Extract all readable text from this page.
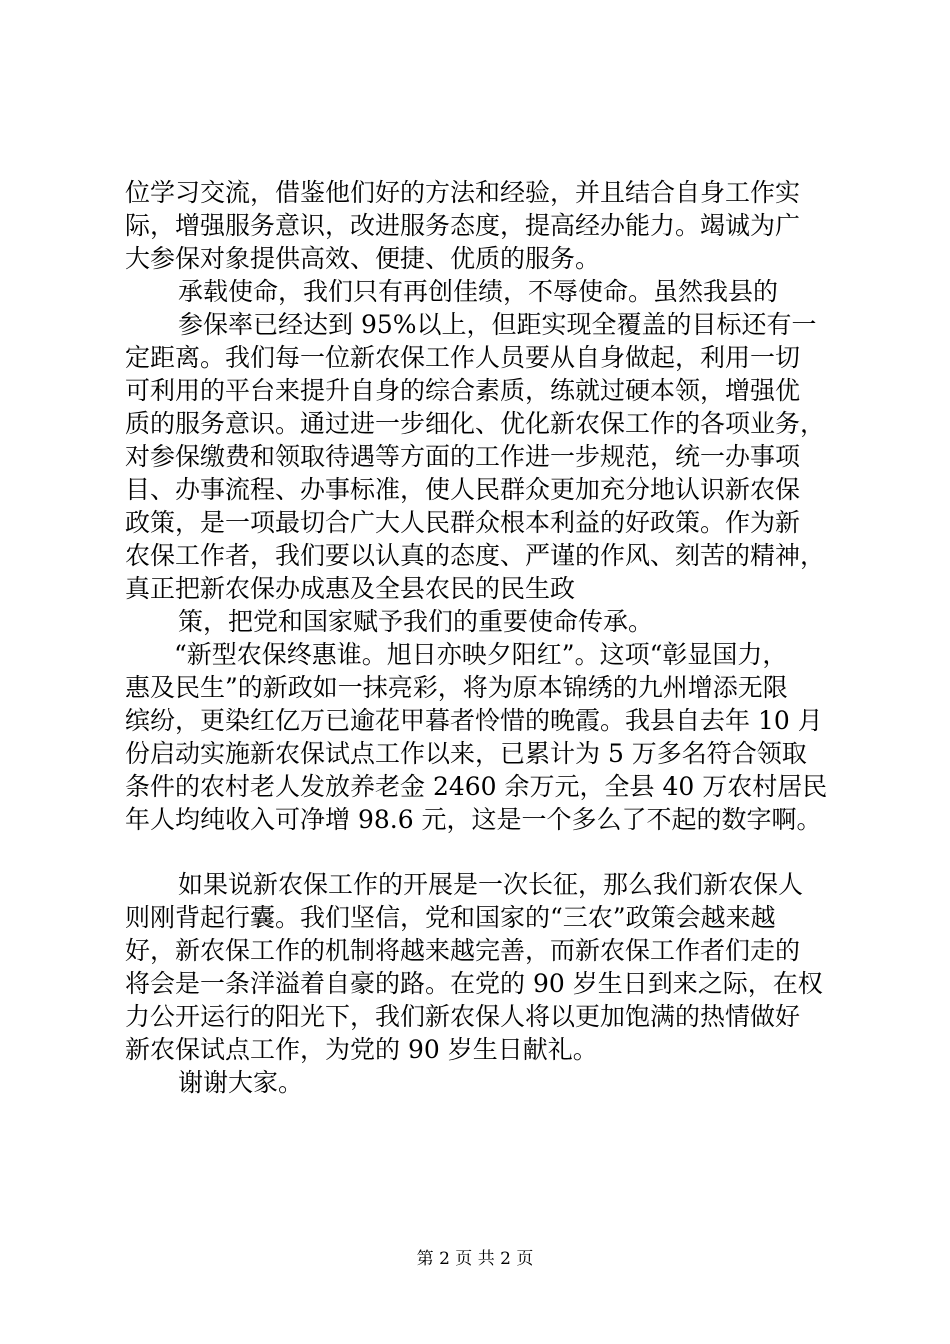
位学习交流，借鉴他们好的方法和经验，并且结合自身工作实
际，增强服务意识，改进服务态度，提高经办能力。竭诚为广
大参保对象提供高效、便捷、优质的服务。
承载使命，我们只有再创佳绩，不辱使命。虽然我县的
参保率已经达到 95%以上，但距实现全覆盖的目标还有一
定距离。我们每一位新农保工作人员要从自身做起，利用一切
可利用的平台来提升自身的综合素质，练就过硬本领，增强优
质的服务意识。通过进一步细化、优化新农保工作的各项业务，
对参保缴费和领取待遇等方面的工作进一步规范，统一办事项
目、办事流程、办事标准，使人民群众更加充分地认识新农保
政策，是一项最切合广大人民群众根本利益的好政策。作为新
农保工作者，我们要以认真的态度、严谨的作风、刻苦的精神，
真正把新农保办成惠及全县农民的民生政
策，把党和国家赋予我们的重要使命传承。
“新型农保终惠谁。旭日亦映夕阳红”。这项“彰显国力，
惠及民生”的新政如一抹亮彩，将为原本锦绣的九州增添无限
缤纷，更染红亿万已逾花甲暮者怜惜的晚霞。我县自去年 10 月
份启动实施新农保试点工作以来，已累计为 5 万多名符合领取
条件的农村老人发放养老金 2460 余万元，全县 40 万农村居民
年人均纯收入可净增 98.6 元，这是一个多么了不起的数字啊。
如果说新农保工作的开展是一次长征，那么我们新农保人
则刚背起行囊。我们坚信，党和国家的“三农”政策会越来越
好，新农保工作的机制将越来越完善，而新农保工作者们走的
将会是一条洋溢着自豪的路。在党的 90 岁生日到来之际，在权
力公开运行的阳光下，我们新农保人将以更加饱满的热情做好
新农保试点工作，为党的 90 岁生日献礼。
谢谢大家。
第 2 页 共 2 页
